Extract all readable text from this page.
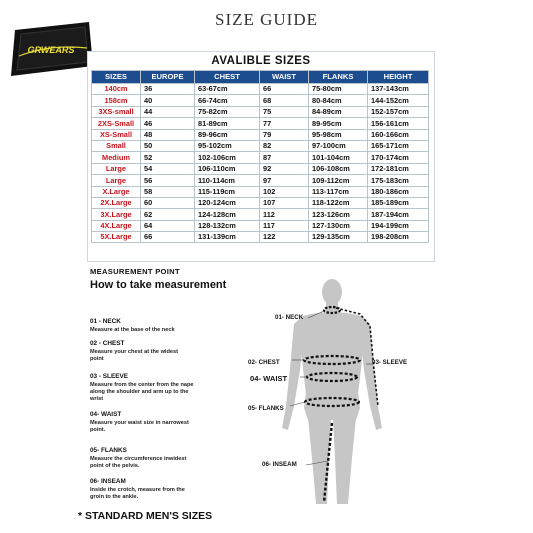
GRWEARS
SIZE GUIDE
AVALIBLE SIZES
SIZES	EUROPE	CHEST	WAIST	FLANKS	HEIGHT
140cm	36	63-67cm	66	75-80cm	137-143cm
158cm	40	66-74cm	68	80-84cm	144-152cm
3XS-small	44	75-82cm	75	84-89cm	152-157cm
2XS-Small	46	81-89cm	77	89-95cm	156-161cm
XS-Small	48	89-96cm	79	95-98cm	160-166cm
Small	50	95-102cm	82	97-100cm	165-171cm
Medium	52	102-106cm	87	101-104cm	170-174cm
Large	54	106-110cm	92	106-108cm	172-181cm
Large	56	110-114cm	97	109-112cm	175-183cm
X.Large	58	115-119cm	102	113-117cm	180-186cm
2X.Large	60	120-124cm	107	118-122cm	185-189cm
3X.Large	62	124-128cm	112	123-126cm	187-194cm
4X.Large	64	128-132cm	117	127-130cm	194-199cm
5X.Large	66	131-139cm	122	129-135cm	198-208cm
MEASUREMENT POINT
How to take measurement
01 - NECK
Measure at the base of the neck
02 - CHEST
Measure your chest at the widest point
03 - SLEEVE
Measure from the center from the nape along the shoulder and arm up to the wrist
04- WAIST
Measure your waist size in narrowest point.
05- FLANKS
Measure the circumference inwidest point of the pelvis.
06- INSEAM
Inside the crotch, measure from the groin to the ankle.
01- NECK
02- CHEST	03- SLEEVE
04- WAIST
05- FLANKS
06- INSEAM
* STANDARD MEN'S SIZES
